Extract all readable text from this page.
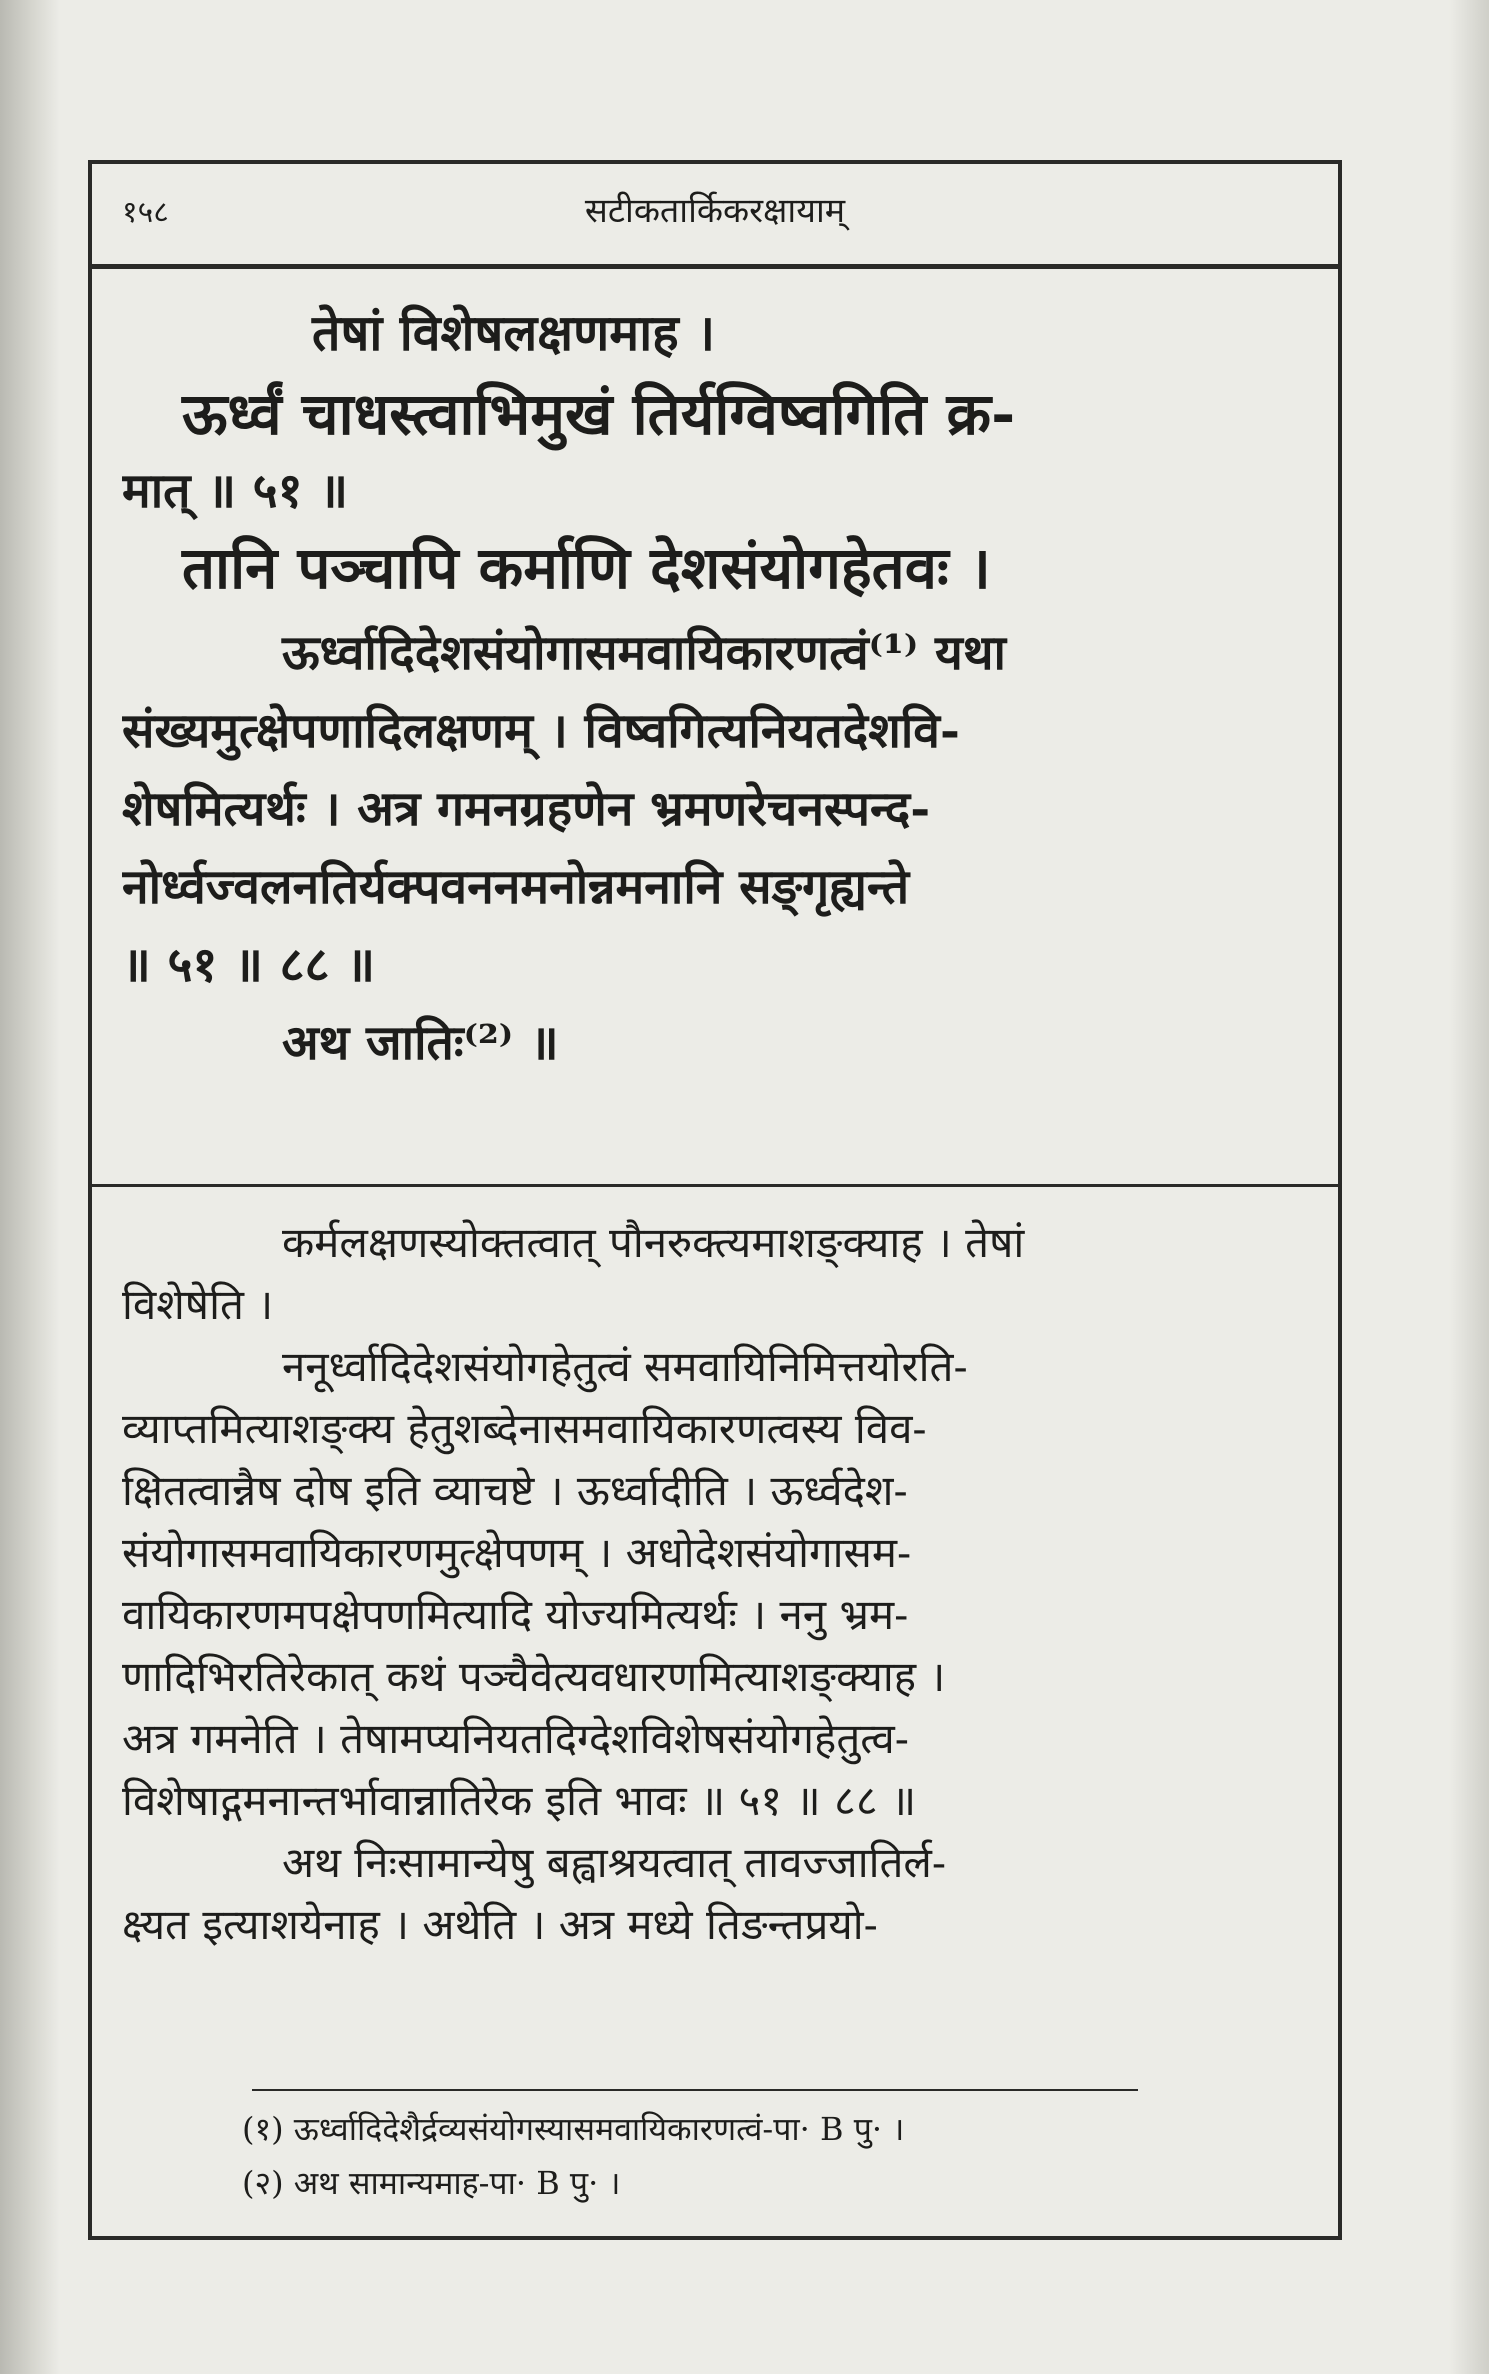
१५८	सटीकतार्किकरक्षायाम्
तेषां विशेषलक्षणमाह ।
ऊर्ध्वं चाधस्त्वाभिमुखं तिर्यग्विष्वगिति क्र-
मात् ॥ ५१ ॥
तानि पञ्चापि कर्माणि देशसंयोगहेतवः ।
ऊर्ध्वादिदेशसंयोगासमवायिकारणत्वं⁽¹⁾ यथा
संख्यमुत्क्षेपणादिलक्षणम् । विष्वगित्यनियतदेशवि-
शेषमित्यर्थः । अत्र गमनग्रहणेन भ्रमणरेचनस्पन्द-
नोर्ध्वज्वलनतिर्यक्पवननमनोन्नमनानि सङ्गृह्यन्ते
॥ ५१ ॥ ८८ ॥
अथ जातिः⁽²⁾ ॥
कर्मलक्षणस्योक्तत्वात् पौनरुक्त्यमाशङ्क्याह । तेषां
विशेषेति ।
ननूर्ध्वादिदेशसंयोगहेतुत्वं समवायिनिमित्तयोरति-
व्याप्तमित्याशङ्क्य हेतुशब्देनासमवायिकारणत्वस्य विव-
क्षितत्वान्नैष दोष इति व्याचष्टे । ऊर्ध्वादीति । ऊर्ध्वदेश-
संयोगासमवायिकारणमुत्क्षेपणम् । अधोदेशसंयोगासम-
वायिकारणमपक्षेपणमित्यादि योज्यमित्यर्थः । ननु भ्रम-
णादिभिरतिरेकात् कथं पञ्चैवेत्यवधारणमित्याशङ्क्याह ।
अत्र गमनेति । तेषामप्यनियतदिग्देशविशेषसंयोगहेतुत्व-
विशेषाद्गमनान्तर्भावान्नातिरेक इति भावः ॥ ५१ ॥ ८८ ॥
अथ निःसामान्येषु बह्वाश्रयत्वात् तावज्जातिर्ल-
क्ष्यत इत्याशयेनाह । अथेति । अत्र मध्ये तिङन्तप्रयो-
(१) ऊर्ध्वादिदेशैर्द्रव्यसंयोगस्यासमवायिकारणत्वं-पा· B पु· ।
(२) अथ सामान्यमाह-पा· B पु· ।
